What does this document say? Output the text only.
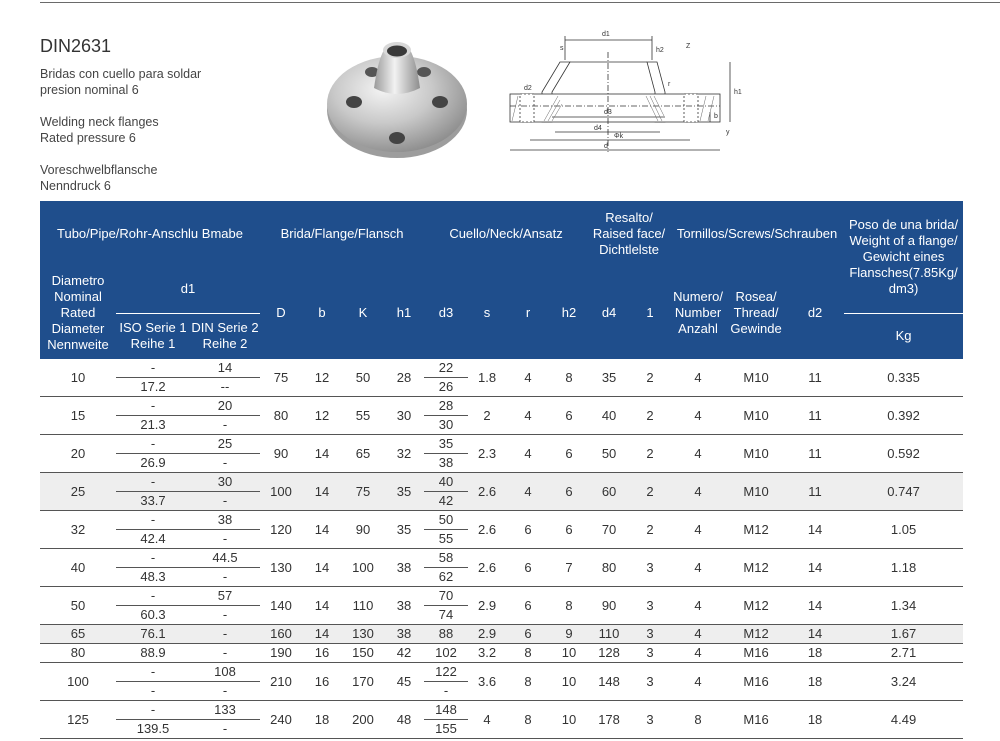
DIN2631
Bridas con cuello para soldar
presion nominal 6
Welding neck flanges
Rated pressure 6
Voreschwelbflansche
Nenndruck 6
d1
s	h2
Z
r
h1
d2
d3
b
d4
Φk
d
y
Tubo/Pipe/Rohr-Anschlu Bmabe			Brida/Flange/Flansch				Cuello/Neck/Ansatz				Resalto/ Raised face/ Dichtlelste		Tornillos/Screws/Schrauben			Poso de una brida/ Weight of a flange/ Gewicht eines Flansches(7.85Kg/ dm3)
Diametro Nominal Rated Diameter Nennweite	d1		D	b	K	h1	d3	s	r	h2	d4	1	Numero/ Number Anzahl	Rosea/ Thread/ Gewinde	d2	
	ISO Serie 1 Reihe 1	DIN Serie 2 Reihe 2														Kg
10	-	14	75	12	50	28	22	1.8	4	8	35	2	4	M10	11	0.335
	17.2	--					26									
15	-	20	80	12	55	30	28	2	4	6	40	2	4	M10	11	0.392
	21.3	-					30									
20	-	25	90	14	65	32	35	2.3	4	6	50	2	4	M10	11	0.592
	26.9	-					38									
25	-	30	100	14	75	35	40	2.6	4	6	60	2	4	M10	11	0.747
	33.7	-					42									
32	-	38	120	14	90	35	50	2.6	6	6	70	2	4	M12	14	1.05
	42.4	-					55									
40	-	44.5	130	14	100	38	58	2.6	6	7	80	3	4	M12	14	1.18
	48.3	-					62									
50	-	57	140	14	110	38	70	2.9	6	8	90	3	4	M12	14	1.34
	60.3	-					74									
65	76.1	-	160	14	130	38	88	2.9	6	9	110	3	4	M12	14	1.67
80	88.9	-	190	16	150	42	102	3.2	8	10	128	3	4	M16	18	2.71
100	-	108	210	16	170	45	122	3.6	8	10	148	3	4	M16	18	3.24
	-	-					-									
125	-	133	240	18	200	48	148	4	8	10	178	3	8	M16	18	4.49
	139.5	-					155									
